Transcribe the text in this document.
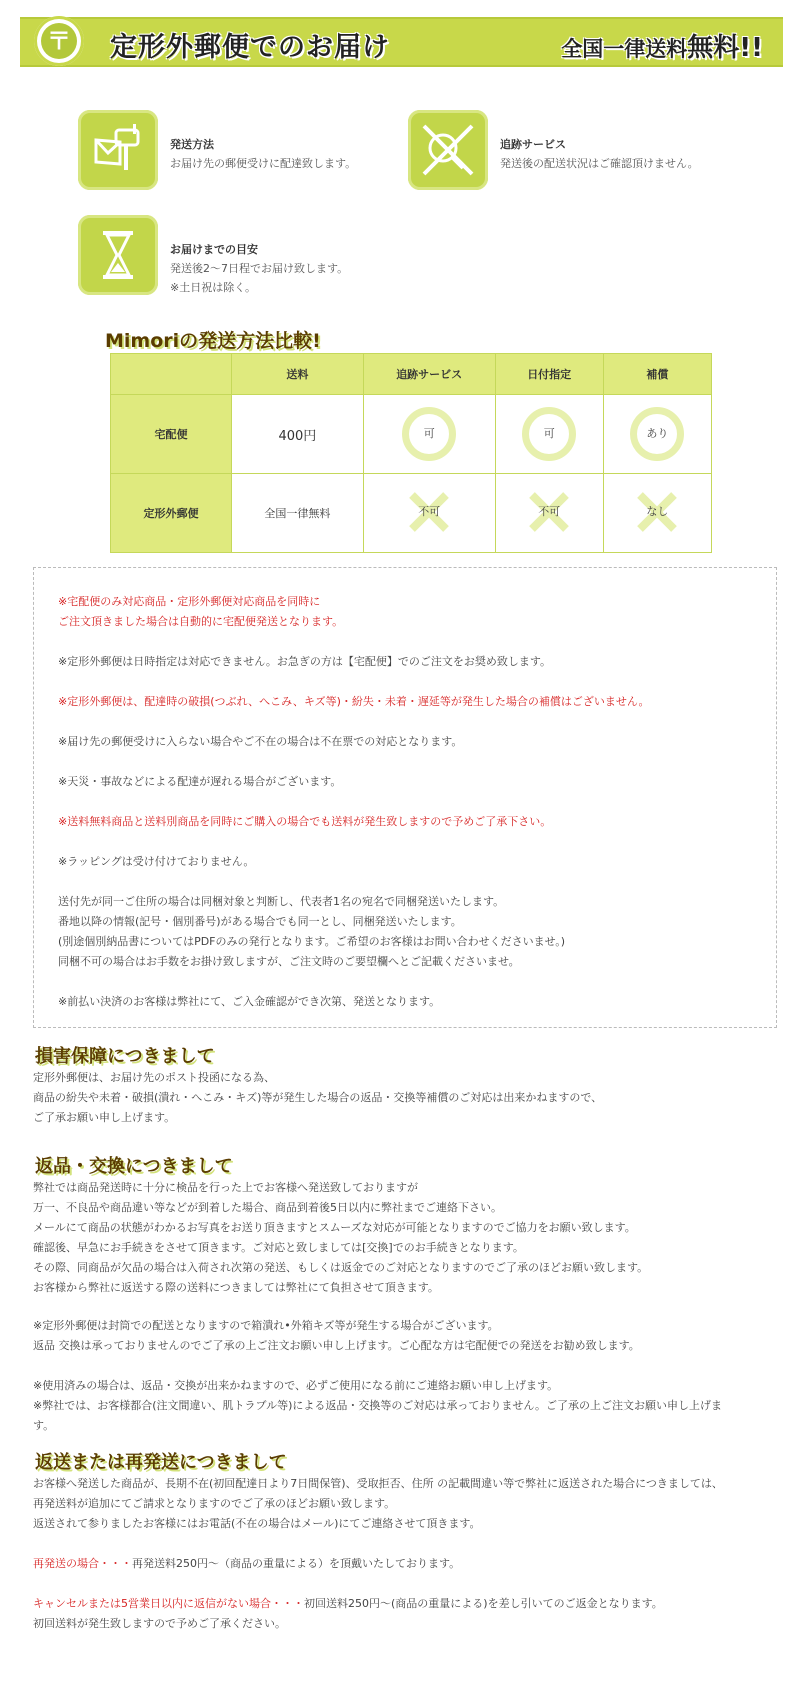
〒 定形外郵便でのお届け	全国一律送料無料!!
発送方法
お届け先の郵便受けに配達致します。
追跡サービス
発送後の配送状況はご確認頂けません。
お届けまでの目安
発送後2〜7日程でお届け致します。
※土日祝は除く。
Mimoriの発送方法比較!
	送料	追跡サービス	日付指定	補償
宅配便	400円	可	可	あり
定形外郵便	全国一律無料	不可	不可	なし
※宅配便のみ対応商品・定形外郵便対応商品を同時に
ご注文頂きました場合は自動的に宅配便発送となります。
※定形外郵便は日時指定は対応できません。お急ぎの方は【宅配便】でのご注文をお奨め致します。
※定形外郵便は、配達時の破損(つぶれ、へこみ、キズ等)・紛失・未着・遅延等が発生した場合の補償はございません。
※届け先の郵便受けに入らない場合やご不在の場合は不在票での対応となります。
※天災・事故などによる配達が遅れる場合がございます。
※送料無料商品と送料別商品を同時にご購入の場合でも送料が発生致しますので予めご了承下さい。
※ラッピングは受け付けておりません。
送付先が同一ご住所の場合は同梱対象と判断し、代表者1名の宛名で同梱発送いたします。
番地以降の情報(記号・個別番号)がある場合でも同一とし、同梱発送いたします。
(別途個別納品書についてはPDFのみの発行となります。ご希望のお客様はお問い合わせくださいませ。)
同梱不可の場合はお手数をお掛け致しますが、ご注文時のご要望欄へとご記載くださいませ。
※前払い決済のお客様は弊社にて、ご入金確認ができ次第、発送となります。
損害保障につきまして
定形外郵便は、お届け先のポスト投函になる為、
商品の紛失や未着・破損(潰れ・へこみ・キズ)等が発生した場合の返品・交換等補償のご対応は出来かねますので、
ご了承お願い申し上げます。
返品・交換につきまして
弊社では商品発送時に十分に検品を行った上でお客様へ発送致しておりますが
万一、不良品や商品違い等などが到着した場合、商品到着後5日以内に弊社までご連絡下さい。
メールにて商品の状態がわかるお写真をお送り頂きますとスムーズな対応が可能となりますのでご協力をお願い致します。
確認後、早急にお手続きをさせて頂きます。ご対応と致しましては[交換]でのお手続きとなります。
その際、同商品が欠品の場合は入荷され次第の発送、もしくは返金でのご対応となりますのでご了承のほどお願い致します。
お客様から弊社に返送する際の送料につきましては弊社にて負担させて頂きます。
※定形外郵便は封筒での配送となりますので箱潰れ•外箱キズ等が発生する場合がございます。
返品 交換は承っておりませんのでご了承の上ご注文お願い申し上げます。ご心配な方は宅配便での発送をお勧め致します。
※使用済みの場合は、返品・交換が出来かねますので、必ずご使用になる前にご連絡お願い申し上げます。
※弊社では、お客様都合(注文間違い、肌トラブル等)による返品・交換等のご対応は承っておりません。ご了承の上ご注文お願い申し上げま
す。
返送または再発送につきまして
お客様へ発送した商品が、長期不在(初回配達日より7日間保管)、受取拒否、住所 の記載間違い等で弊社に返送された場合につきましては、
再発送料が追加にてご請求となりますのでご了承のほどお願い致します。
返送されて参りましたお客様にはお電話(不在の場合はメール)にてご連絡させて頂きます。
再発送の場合・・・再発送料250円〜（商品の重量による）を頂戴いたしております。
キャンセルまたは5営業日以内に返信がない場合・・・初回送料250円〜(商品の重量による)を差し引いてのご返金となります。
初回送料が発生致しますので予めご了承ください。
